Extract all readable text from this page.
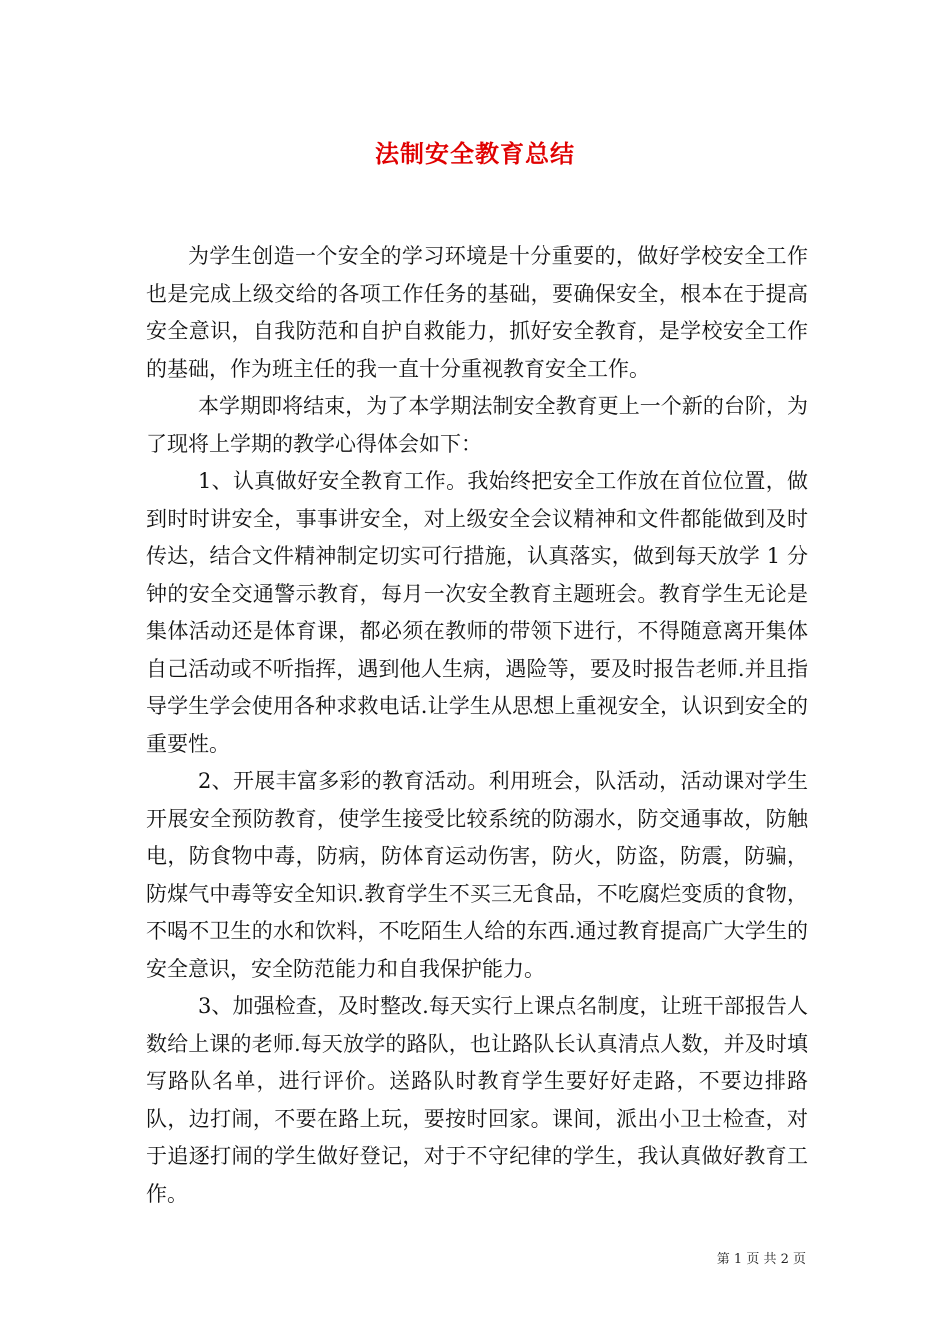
法制安全教育总结

为学生创造一个安全的学习环境是十分重要的，做好学校安全工作也是完成上级交给的各项工作任务的基础，要确保安全，根本在于提高安全意识，自我防范和自护自救能力，抓好安全教育，是学校安全工作的基础，作为班主任的我一直十分重视教育安全工作。

本学期即将结束，为了本学期法制安全教育更上一个新的台阶，为了现将上学期的教学心得体会如下：

1、认真做好安全教育工作。我始终把安全工作放在首位位置，做到时时讲安全，事事讲安全，对上级安全会议精神和文件都能做到及时传达，结合文件精神制定切实可行措施，认真落实，做到每天放学 1 分钟的安全交通警示教育，每月一次安全教育主题班会。教育学生无论是集体活动还是体育课，都必须在教师的带领下进行，不得随意离开集体自己活动或不听指挥，遇到他人生病，遇险等，要及时报告老师.并且指导学生学会使用各种求救电话.让学生从思想上重视安全，认识到安全的重要性。

2、开展丰富多彩的教育活动。利用班会，队活动，活动课对学生开展安全预防教育，使学生接受比较系统的防溺水，防交通事故，防触电，防食物中毒，防病，防体育运动伤害，防火，防盗，防震，防骗，防煤气中毒等安全知识.教育学生不买三无食品，不吃腐烂变质的食物，不喝不卫生的水和饮料，不吃陌生人给的东西.通过教育提高广大学生的安全意识，安全防范能力和自我保护能力。

3、加强检查，及时整改.每天实行上课点名制度，让班干部报告人数给上课的老师.每天放学的路队，也让路队长认真清点人数，并及时填写路队名单，进行评价。送路队时教育学生要好好走路，不要边排路队，边打闹，不要在路上玩，要按时回家。课间，派出小卫士检查，对于追逐打闹的学生做好登记，对于不守纪律的学生，我认真做好教育工作。

第 1 页 共 2 页
